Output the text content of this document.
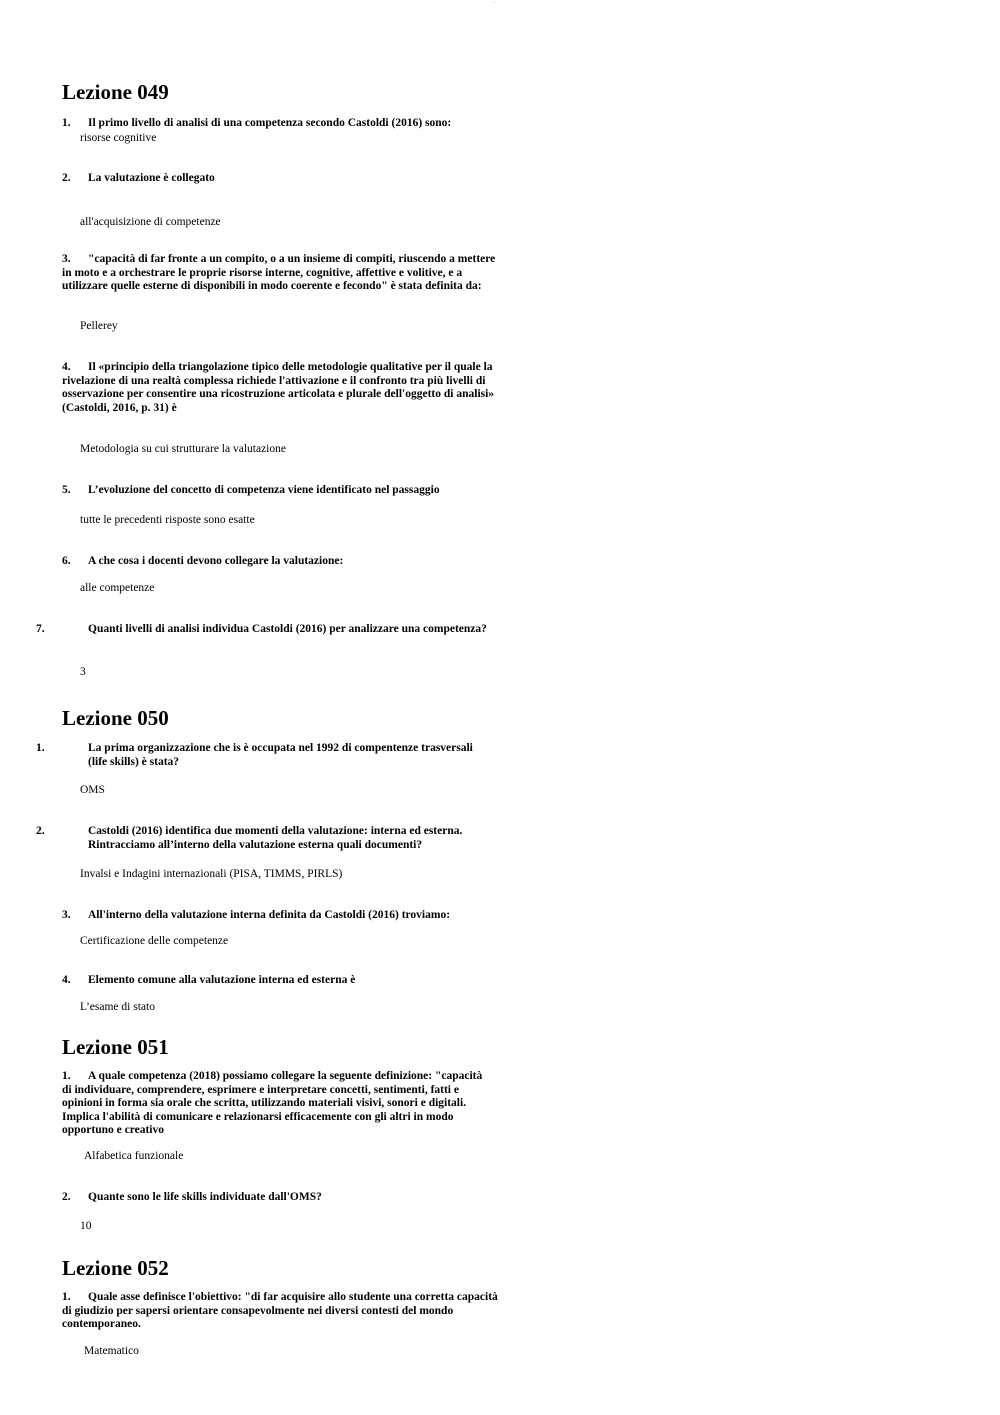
____
Lezione 049

1. Il primo livello di analisi di una competenza secondo Castoldi (2016) sono:

risorse cognitive

2. La valutazione è collegato

all'acquisizione di competenze

3. "capacità di far fronte a un compito, o a un insieme di compiti, riuscendo a mettere in moto e a orchestrare le proprie risorse interne, cognitive, affettive e volitive, e a utilizzare quelle esterne di disponibili in modo coerente e fecondo" è stata definita da:

Pellerey

4. Il «principio della triangolazione tipico delle metodologie qualitative per il quale la rivelazione di una realtà complessa richiede l'attivazione e il confronto tra più livelli di osservazione per consentire una ricostruzione articolata e plurale dell'oggetto di analisi» (Castoldi, 2016, p. 31) è

Metodologia su cui strutturare la valutazione

5. L’evoluzione del concetto di competenza viene identificato nel passaggio

tutte le precedenti risposte sono esatte

6. A che cosa i docenti devono collegare la valutazione:

alle competenze

7.	Quanti livelli di analisi individua Castoldi (2016) per analizzare una competenza?

3

Lezione 050

1.	La prima organizzazione che is è occupata nel 1992 di compentenze trasversali (life skills) è stata?

OMS

2.	Castoldi (2016) identifica due momenti della valutazione: interna ed esterna. Rintracciamo all’interno della valutazione esterna quali documenti?

Invalsi e Indagini internazionali (PISA, TIMMS, PIRLS)

3. All'interno della valutazione interna definita da Castoldi (2016) troviamo:

Certificazione delle competenze

4. Elemento comune alla valutazione interna ed esterna è

L’esame di stato

Lezione 051

1. A quale competenza (2018) possiamo collegare la seguente definizione: "capacità di individuare, comprendere, esprimere e interpretare concetti, sentimenti, fatti e opinioni in forma sia orale che scritta, utilizzando materiali visivi, sonori e digitali. Implica l'abilità di comunicare e relazionarsi efficacemente con gli altri in modo opportuno e creativo

Alfabetica funzionale

2. Quante sono le life skills individuate dall'OMS?

10

Lezione 052

1. Quale asse definisce l'obiettivo: "di far acquisire allo studente una corretta capacità di giudizio per sapersi orientare consapevolmente nei diversi contesti del mondo contemporaneo.

Matematico
